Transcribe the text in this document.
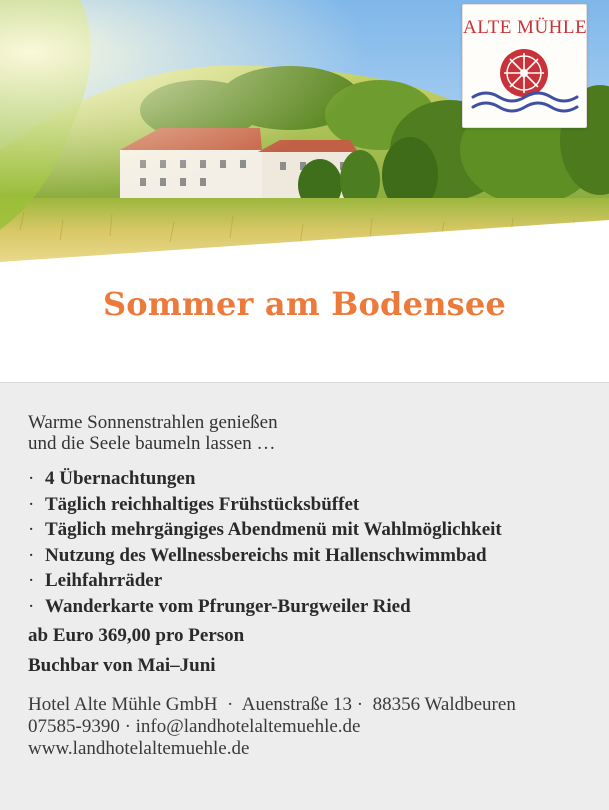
ALTE MÜHLE
Sommer am Bodensee
Warme Sonnenstrahlen genießen
und die Seele baumeln lassen …
· 4 Übernachtungen
· Täglich reichhaltiges Frühstücksbüffet
· Täglich mehrgängiges Abendmenü mit Wahlmöglichkeit
· Nutzung des Wellnessbereichs mit Hallenschwimmbad
· Leihfahrräder
· Wanderkarte vom Pfrunger-Burgweiler Ried
ab Euro 369,00 pro Person
Buchbar von Mai–Juni
Hotel Alte Mühle GmbH · Auenstraße 13 · 88356 Waldbeuren
07585-9390 · info@landhotelaltemuehle.de
www.landhotelaltemuehle.de
